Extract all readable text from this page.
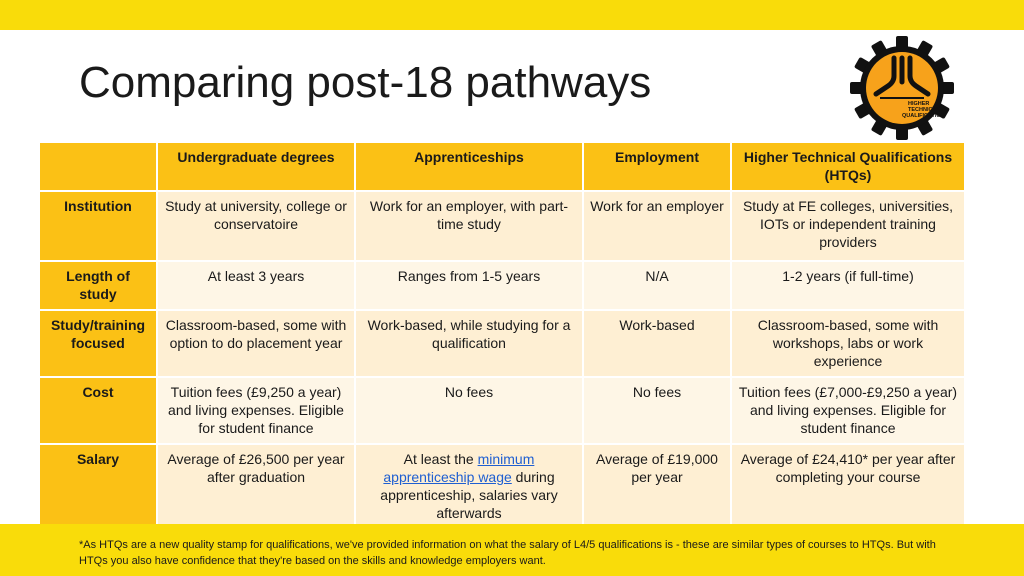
Comparing post-18 pathways	HIGHER
TECHNICAL
QUALIFICATION
	Undergraduate degrees	Apprenticeships	Employment	Higher Technical Qualifications (HTQs)
Institution	Study at university, college or conservatoire	Work for an employer, with part-time study	Work for an employer	Study at FE colleges, universities, IOTs or independent training providers
Length of study	At least 3 years	Ranges from 1-5 years	N/A	1-2 years (if full-time)
Study/training focused	Classroom-based, some with option to do placement year	Work-based, while studying for a qualification	Work-based	Classroom-based, some with workshops, labs or work experience
Cost	Tuition fees (£9,250 a year) and living expenses. Eligible for student finance	No fees	No fees	Tuition fees (£7,000-£9,250 a year) and living expenses. Eligible for student finance
Salary	Average of £26,500 per year after graduation	At least the minimum apprenticeship wage during apprenticeship, salaries vary afterwards	Average of £19,000 per year	Average of £24,410* per year after completing your course

*As HTQs are a new quality stamp for qualifications, we've provided information on what the salary of L4/5 qualifications is - these are similar types of courses to HTQs. But with HTQs you also have confidence that they're based on the skills and knowledge employers want.
